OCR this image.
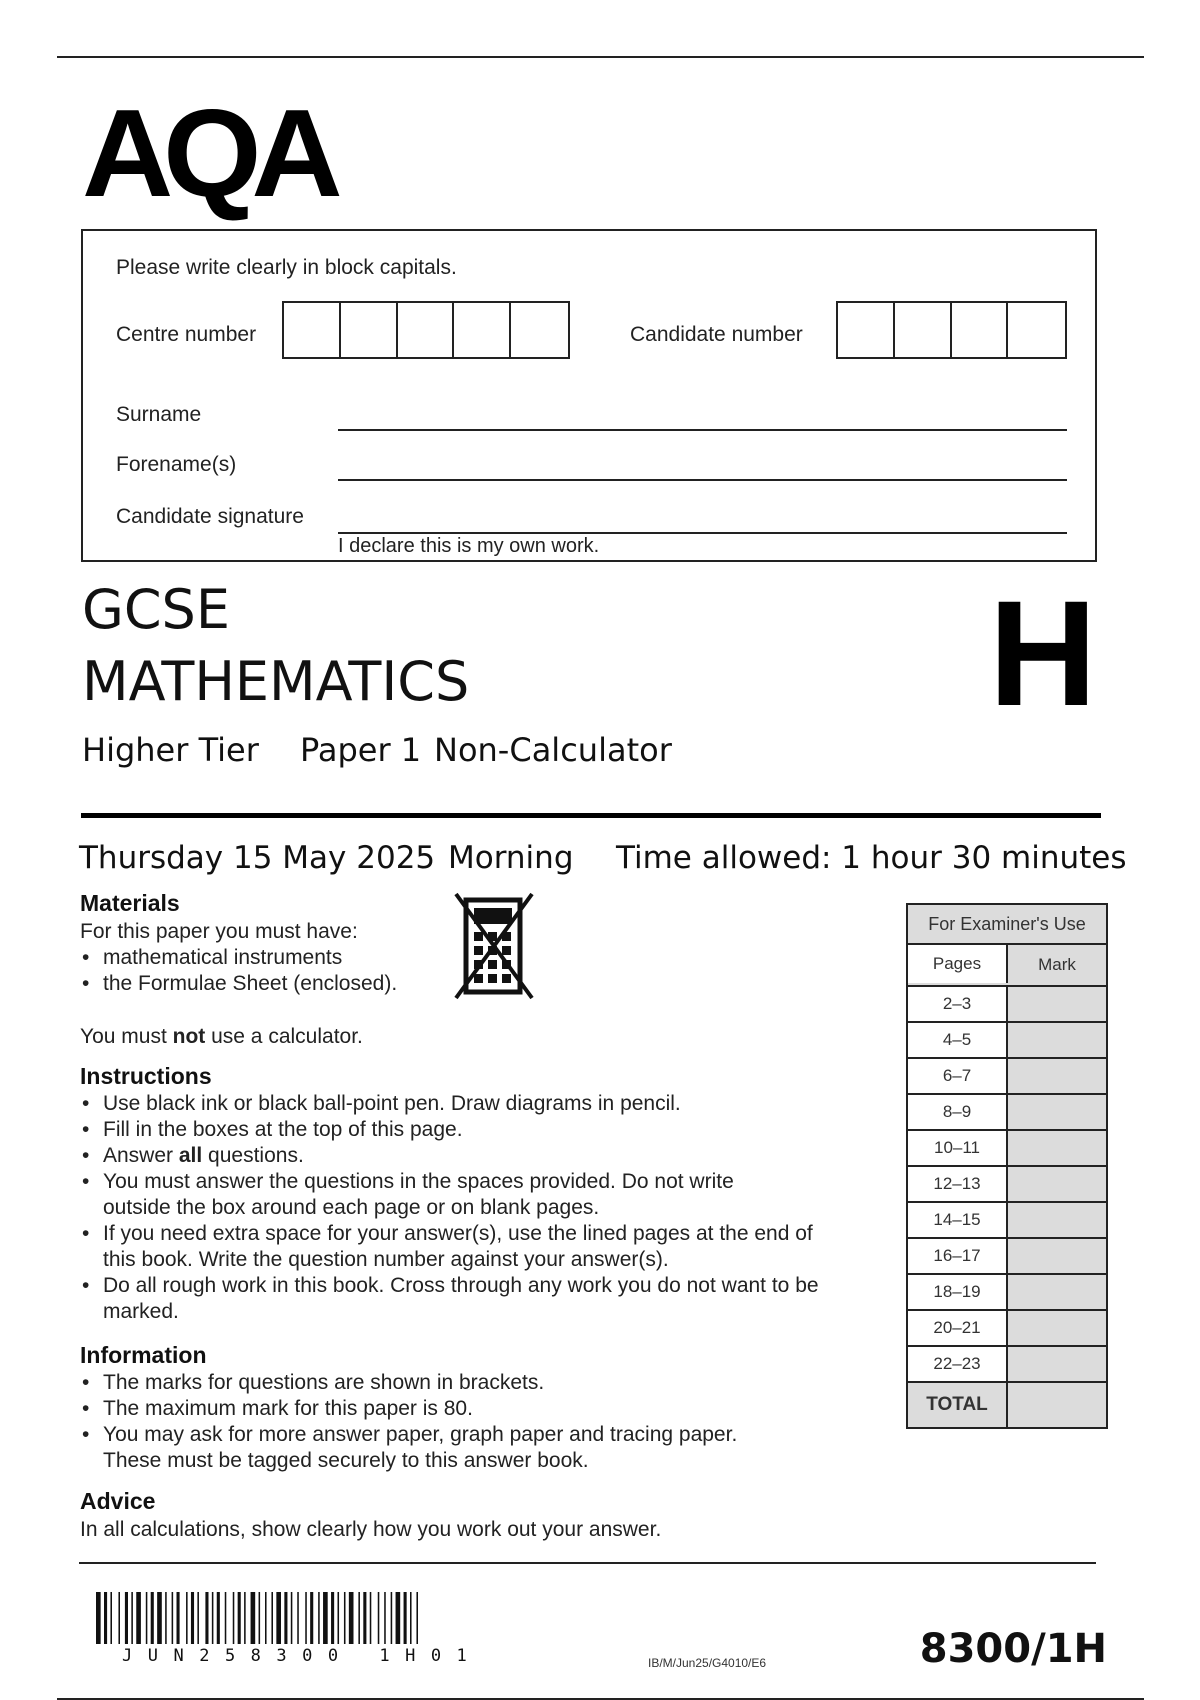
AQA
Please write clearly in block capitals.
Centre number	Candidate number
Surname
Forename(s)
Candidate signature
I declare this is my own work.
GCSE
MATHEMATICS
Higher Tier Paper 1 Non-Calculator
H
Thursday 15 May 2025 Morning Time allowed: 1 hour 30 minutes
Materials
For this paper you must have:
• mathematical instruments
• the Formulae Sheet (enclosed).
You must not use a calculator.
Instructions
• Use black ink or black ball-point pen. Draw diagrams in pencil.
• Fill in the boxes at the top of this page.
• Answer all questions.
• You must answer the questions in the spaces provided. Do not write outside the box around each page or on blank pages.
• If you need extra space for your answer(s), use the lined pages at the end of this book. Write the question number against your answer(s).
• Do all rough work in this book. Cross through any work you do not want to be marked.
Information
• The marks for questions are shown in brackets.
• The maximum mark for this paper is 80.
• You may ask for more answer paper, graph paper and tracing paper. These must be tagged securely to this answer book.
Advice
In all calculations, show clearly how you work out your answer.
For Examiner's Use
Pages	Mark
2–3
4–5
6–7
8–9
10–11
12–13
14–15
16–17
18–19
20–21
22–23
TOTAL
JUN258300 1H01	IB/M/Jun25/G4010/E6	8300/1H
